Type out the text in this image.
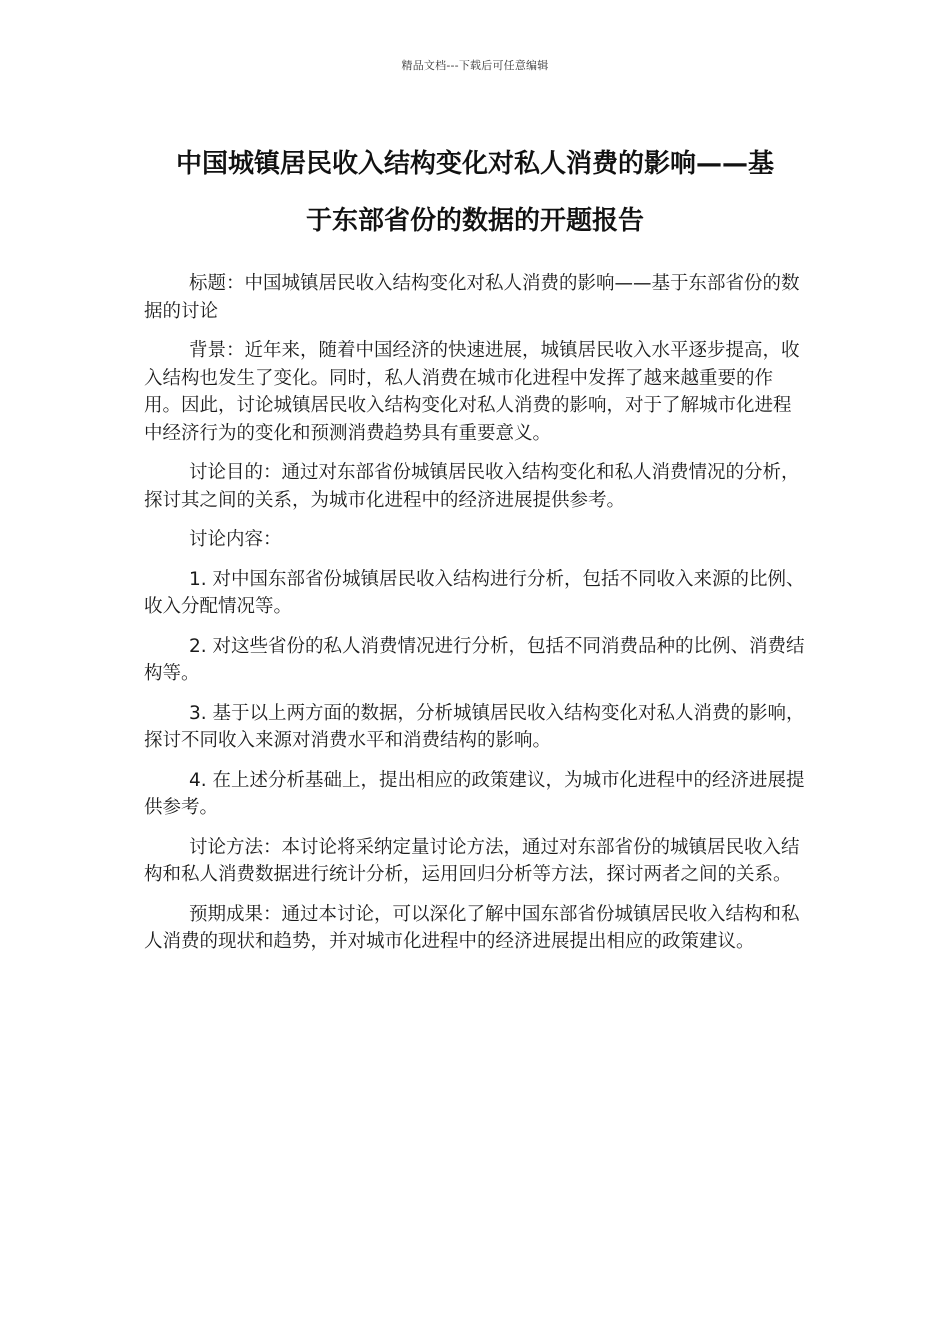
精品文档---下载后可任意编辑
中国城镇居民收入结构变化对私人消费的影响——基
于东部省份的数据的开题报告

标题：中国城镇居民收入结构变化对私人消费的影响——基于东部省份的数据的讨论

背景：近年来，随着中国经济的快速进展，城镇居民收入水平逐步提高，收入结构也发生了变化。同时，私人消费在城市化进程中发挥了越来越重要的作用。因此，讨论城镇居民收入结构变化对私人消费的影响，对于了解城市化进程中经济行为的变化和预测消费趋势具有重要意义。

讨论目的：通过对东部省份城镇居民收入结构变化和私人消费情况的分析，探讨其之间的关系，为城市化进程中的经济进展提供参考。

讨论内容：

1. 对中国东部省份城镇居民收入结构进行分析，包括不同收入来源的比例、收入分配情况等。

2. 对这些省份的私人消费情况进行分析，包括不同消费品种的比例、消费结构等。

3. 基于以上两方面的数据，分析城镇居民收入结构变化对私人消费的影响，探讨不同收入来源对消费水平和消费结构的影响。

4. 在上述分析基础上，提出相应的政策建议，为城市化进程中的经济进展提供参考。

讨论方法：本讨论将采纳定量讨论方法，通过对东部省份的城镇居民收入结构和私人消费数据进行统计分析，运用回归分析等方法，探讨两者之间的关系。

预期成果：通过本讨论，可以深化了解中国东部省份城镇居民收入结构和私人消费的现状和趋势，并对城市化进程中的经济进展提出相应的政策建议。
